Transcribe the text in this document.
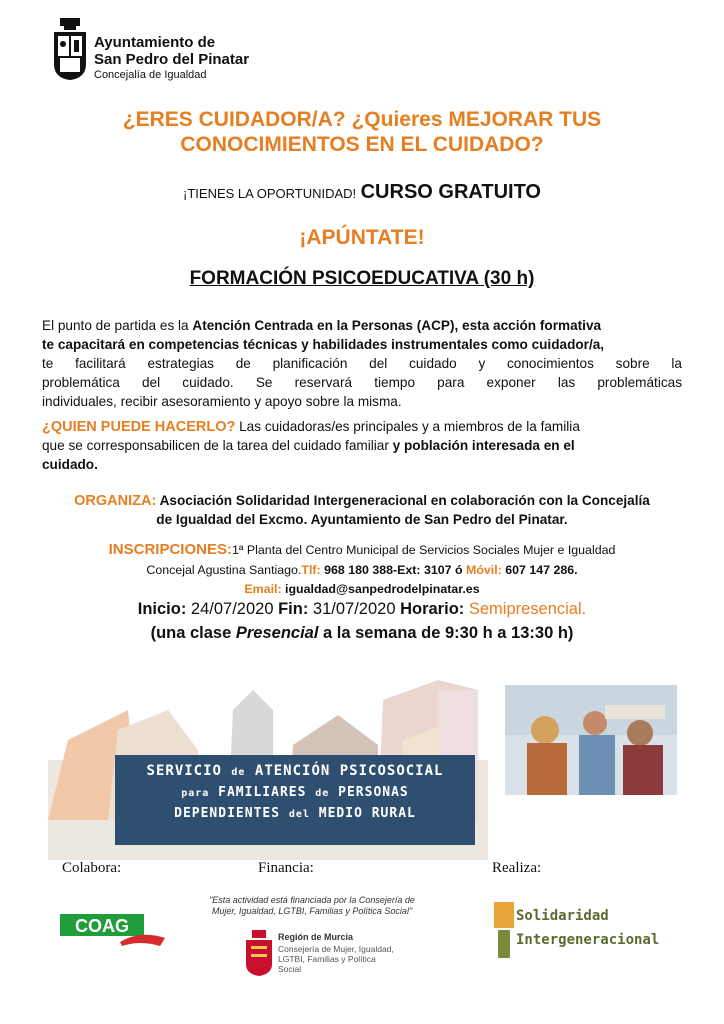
Ayuntamiento de
San Pedro del Pinatar
Concejalía de Igualdad
¿ERES CUIDADOR/A? ¿Quieres MEJORAR TUS
CONOCIMIENTOS EN EL CUIDADO?
¡TIENES LA OPORTUNIDAD! CURSO GRATUITO
¡APÚNTATE!
FORMACIÓN PSICOEDUCATIVA (30 h)
El punto de partida es la Atención Centrada en la Personas (ACP), esta acción formativa
te capacitará en competencias técnicas y habilidades instrumentales como cuidador/a,
te facilitará estrategias de planificación del cuidado y conocimientos sobre la
problemática del cuidado. Se reservará tiempo para exponer las problemáticas
individuales, recibir asesoramiento y apoyo sobre la misma.
¿QUIEN PUEDE HACERLO? Las cuidadoras/es principales y a miembros de la familia
que se corresponsabilicen de la tarea del cuidado familiar y población interesada en el
cuidado.
ORGANIZA: Asociación Solidaridad Intergeneracional en colaboración con la Concejalía
de Igualdad del Excmo. Ayuntamiento de San Pedro del Pinatar.
INSCRIPCIONES:1ª Planta del Centro Municipal de Servicios Sociales Mujer e Igualdad
Concejal Agustina Santiago.Tlf: 968 180 388-Ext: 3107 ó Móvil: 607 147 286.
Email: igualdad@sanpedrodelpinatar.es
Inicio: 24/07/2020 Fin: 31/07/2020 Horario: Semipresencial.
(una clase Presencial a la semana de 9:30 h a 13:30 h)
SERVICIO de ATENCIÓN PSICOSOCIAL
para FAMILIARES de PERSONAS
DEPENDIENTES del MEDIO RURAL
Colabora:	Financia:	Realiza:
"Esta actividad está financiada por la Consejería de Mujer, Igualdad, LGTBI, Familias y Política Social"
COAG
Región de Murcia
Consejería de Mujer, Igualdad, LGTBI, Familias y Política Social
Solidaridad
Intergeneracional
